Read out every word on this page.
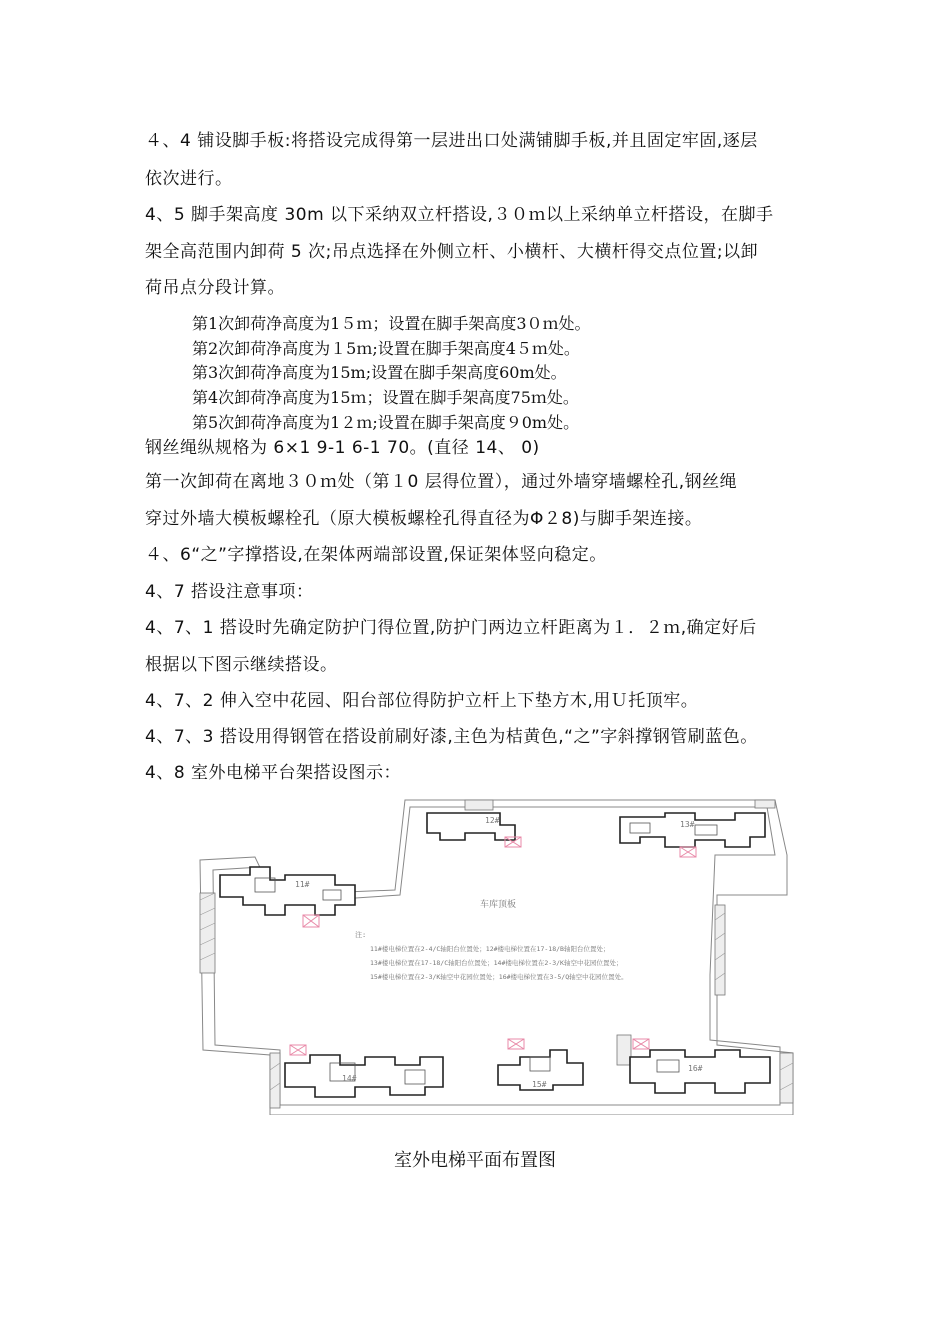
４、4 铺设脚手板:将搭设完成得第一层进出口处满铺脚手板,并且固定牢固,逐层
依次进行。
4、5 脚手架高度 30m 以下采纳双立杆搭设,３０ｍ以上采纳单立杆搭设，在脚手
架全高范围内卸荷 5 次;吊点选择在外侧立杆、小横杆、大横杆得交点位置;以卸
荷吊点分段计算。
第1次卸荷净高度为1５ｍ；设置在脚手架高度3０ｍ处。
第2次卸荷净高度为１5ｍ;设置在脚手架高度4５ｍ处。
第3次卸荷净高度为15m;设置在脚手架高度60m处。
第4次卸荷净高度为15ｍ；设置在脚手架高度75ｍ处。
第5次卸荷净高度为1２ｍ;设置在脚手架高度９0m处。
钢丝绳纵规格为 6×1 9-1 6-1 70。(直径 14、 0)
第一次卸荷在离地３０ｍ处（第１0 层得位置），通过外墙穿墙螺栓孔,钢丝绳
穿过外墙大模板螺栓孔（原大模板螺栓孔得直径为Φ２8)与脚手架连接。
４、6“之”字撑搭设,在架体两端部设置,保证架体竖向稳定。
4、7 搭设注意事项：
4、7、1 搭设时先确定防护门得位置,防护门两边立杆距离为１．２ｍ,确定好后
根据以下图示继续搭设。
4、7、2 伸入空中花园、阳台部位得防护立杆上下垫方木,用Ｕ托顶牢。
4、7、3 搭设用得钢管在搭设前刷好漆,主色为桔黄色,“之”字斜撑钢管刷蓝色。
4、8 室外电梯平台架搭设图示：
11#
12#	13#
14#
15#
16#
车库顶板
注:
11#楼电梯位置在2-4/C轴阳台位置处；12#楼电梯位置在17-18/B轴阳台位置处；
13#楼电梯位置在17-18/C轴阳台位置处；14#楼电梯位置在2-3/K轴空中花园位置处；
15#楼电梯位置在2-3/K轴空中花园位置处；16#楼电梯位置在3-5/Q轴空中花园位置处。
室外电梯平面布置图
